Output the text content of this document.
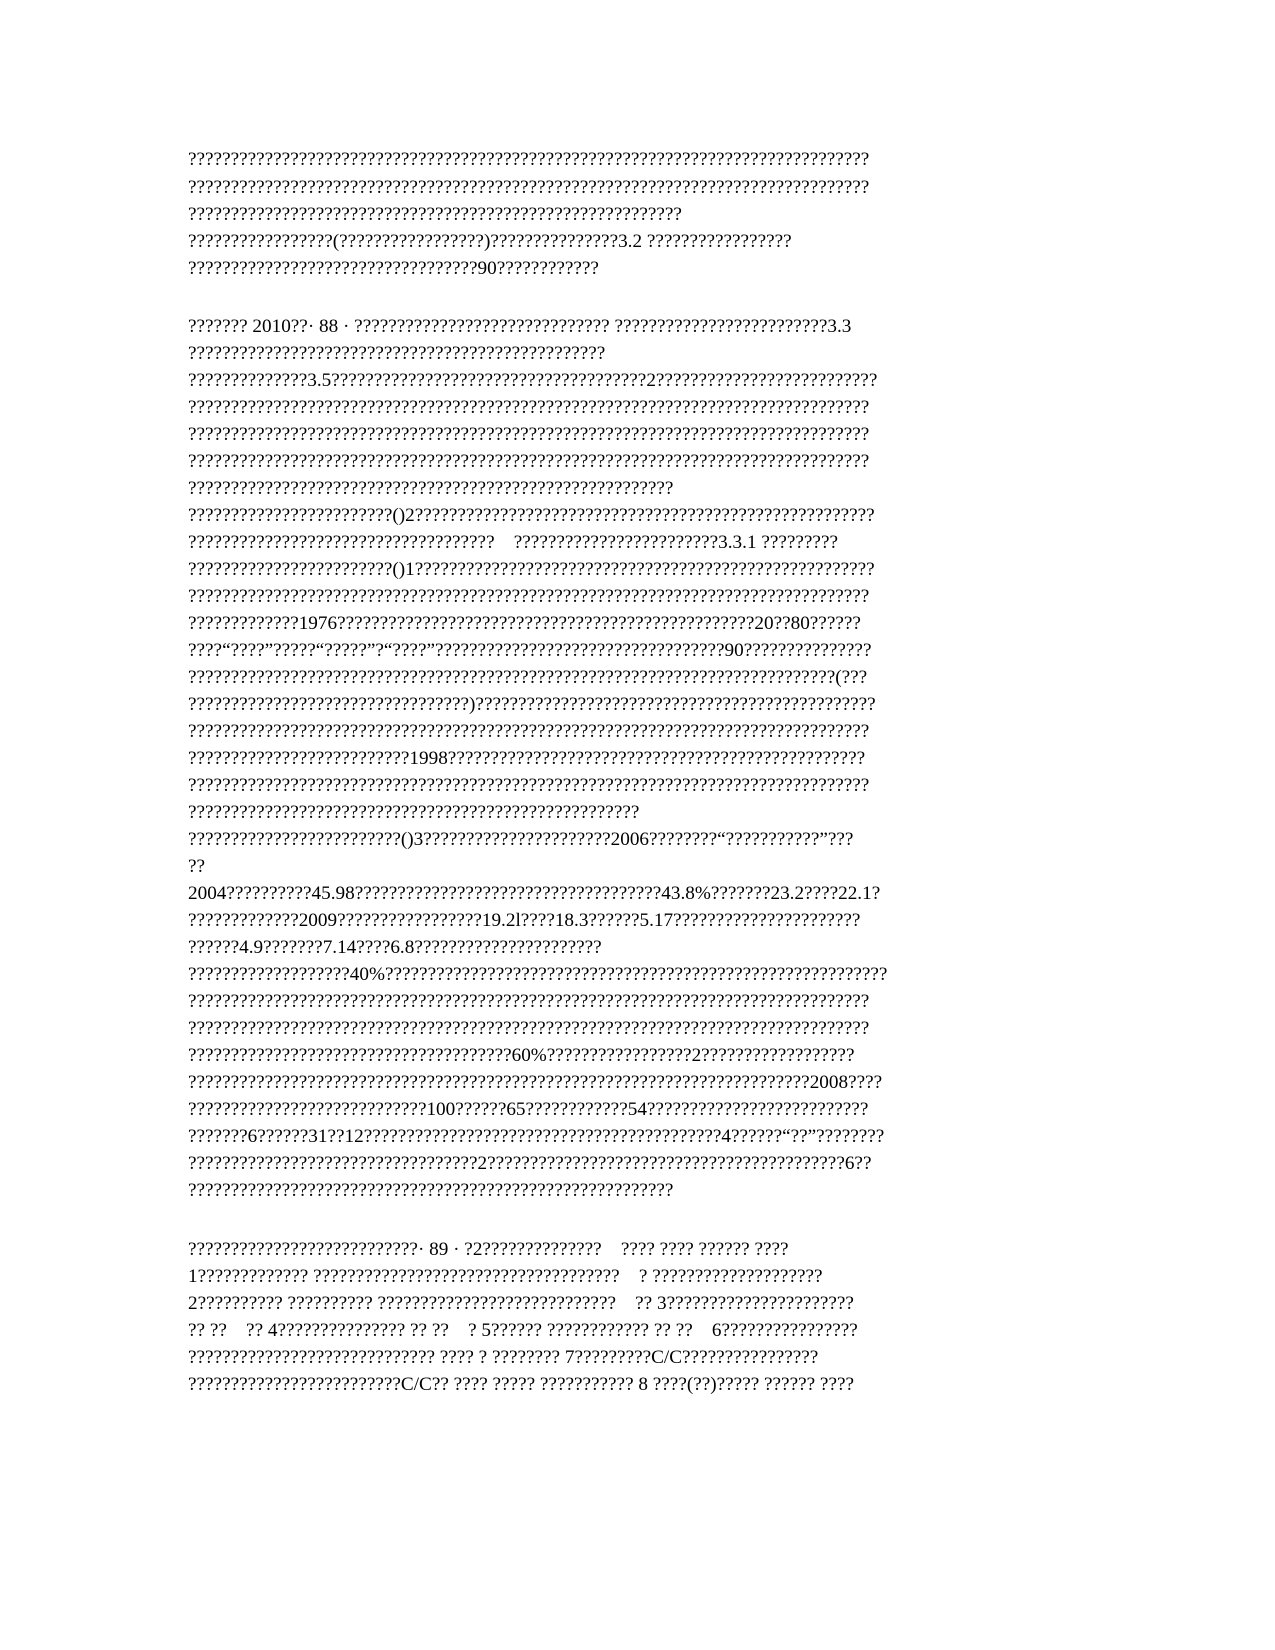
????????????????????????????????????????????????????????????????????????????????
????????????????????????????????????????????????????????????????????????????????
??????????????????????????????????????????????????????????
?????????????????(?????????????????)???????????????3.2 ?????????????????
??????????????????????????????????90????????????
??????? 2010??· 88 · ?????????????????????????????? ?????????????????????????3.3
?????????????????????????????????????????????????
??????????????3.5?????????????????????????????????????2??????????????????????????
????????????????????????????????????????????????????????????????????????????????
????????????????????????????????????????????????????????????????????????????????
????????????????????????????????????????????????????????????????????????????????
?????????????????????????????????????????????????????????
????????????????????????()2??????????????????????????????????????????????????????
????????????????????????????????????    ????????????????????????3.3.1 ?????????
????????????????????????()1??????????????????????????????????????????????????????
????????????????????????????????????????????????????????????????????????????????
?????????????1976?????????????????????????????????????????????????20??80??????
????“????”?????“?????”?“????”??????????????????????????????????90???????????????
????????????????????????????????????????????????????????????????????????????(???
?????????????????????????????????)???????????????????????????????????????????????
????????????????????????????????????????????????????????????????????????????????
??????????????????????????1998?????????????????????????????????????????????????
????????????????????????????????????????????????????????????????????????????????
?????????????????????????????????????????????????????
?????????????????????????()3??????????????????????2006????????“???????????”???
??
2004??????????45.98????????????????????????????????????43.8%???????23.2????22.1?
?????????????2009?????????????????19.2l????18.3??????5.17??????????????????????
??????4.9???????7.14????6.8??????????????????????
???????????????????40%???????????????????????????????????????????????????????????
????????????????????????????????????????????????????????????????????????????????
????????????????????????????????????????????????????????????????????????????????
??????????????????????????????????????60%?????????????????2??????????????????
?????????????????????????????????????????????????????????????????????????2008????
????????????????????????????100??????65????????????54??????????????????????????
???????6??????31??12??????????????????????????????????????????4??????“??”????????
??????????????????????????????????2??????????????????????????????????????????6??
?????????????????????????????????????????????????????????
???????????????????????????· 89 · ?2??????????????    ???? ???? ?????? ????
1????????????? ????????????????????????????????????    ? ????????????????????
2?????????? ?????????? ????????????????????????????    ?? 3??????????????????????
?? ??    ?? 4??????????????? ?? ??    ? 5?????? ???????????? ?? ??    6????????????????
????????????????????????????? ???? ? ???????? 7?????????C/C????????????????
?????????????????????????C/C?? ???? ????? ??????????? 8 ????(??)????? ?????? ????
